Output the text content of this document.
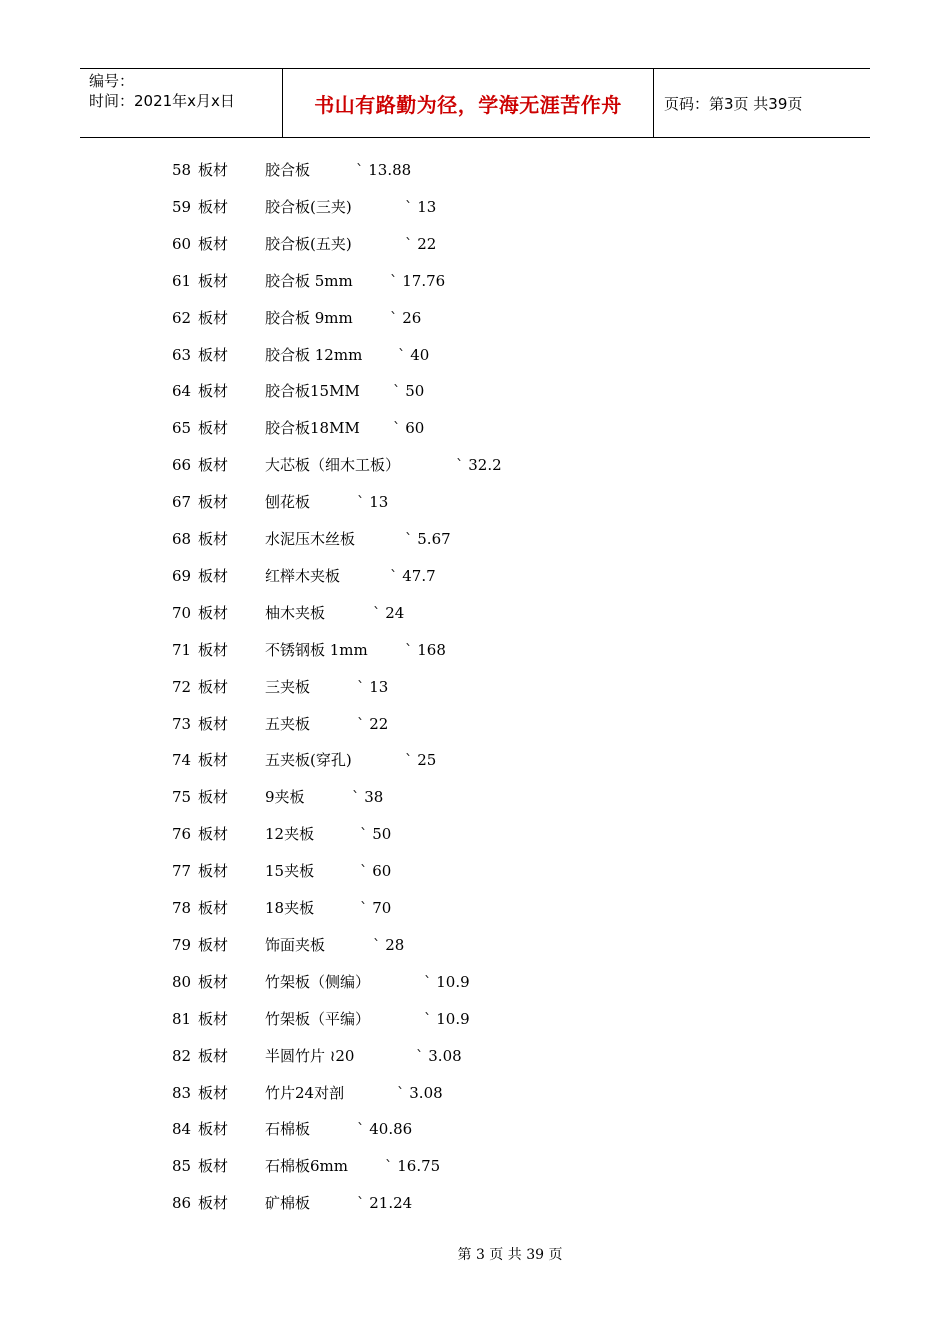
编号：
时间：2021年x月x日	书山有路勤为径，学海无涯苦作舟	页码：第3页 共39页
58 板材 胶合板	` 13.88
59 板材 胶合板(三夹)	` 13
60 板材 胶合板(五夹)	` 22
61 板材 胶合板 5mm ` 17.76
62 板材 胶合板 9mm ` 26
63 板材 胶合板 12mm ` 40
64 板材 胶合板15MM ` 50
65 板材 胶合板18MM ` 60
66 板材 大芯板（细木工板）	` 32.2
67 板材 刨花板	` 13
68 板材 水泥压木丝板	` 5.67
69 板材 红榉木夹板	` 47.7
70 板材 柚木夹板	` 24
71 板材 不锈钢板 1mm ` 168
72 板材 三夹板	` 13
73 板材 五夹板	` 22
74 板材 五夹板(穿孔)	` 25
75 板材 9夹板	` 38
76 板材 12夹板	` 50
77 板材 15夹板	` 60
78 板材 18夹板	` 70
79 板材 饰面夹板	` 28
80 板材 竹架板（侧编）	` 10.9
81 板材 竹架板（平编）	` 10.9
82 板材 半圆竹片 ≀20	` 3.08
83 板材 竹片24对剖	` 3.08
84 板材 石棉板	` 40.86
85 板材 石棉板6mm ` 16.75
86 板材 矿棉板	` 21.24
第 3 页 共 39 页
